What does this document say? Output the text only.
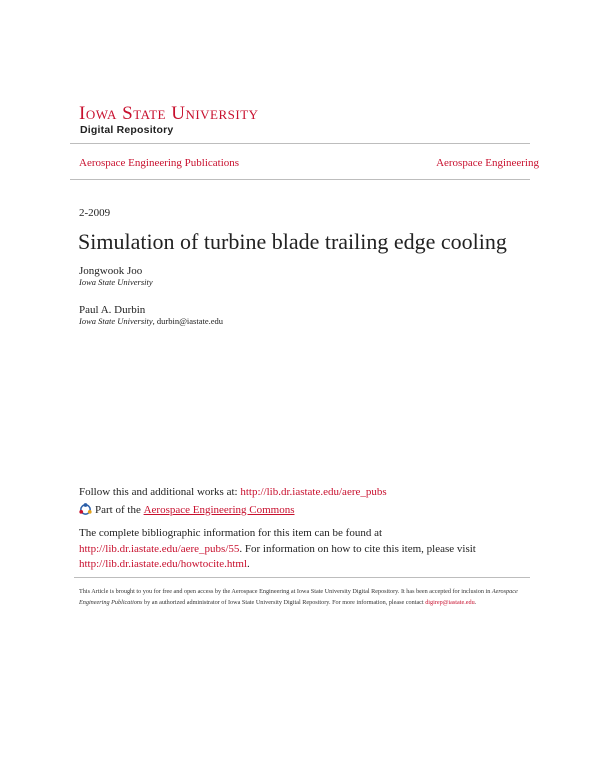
Iowa State University
Digital Repository
Aerospace Engineering Publications	Aerospace Engineering
2-2009
Simulation of turbine blade trailing edge cooling
Jongwook Joo
Iowa State University
Paul A. Durbin
Iowa State University, durbin@iastate.edu
Follow this and additional works at: http://lib.dr.iastate.edu/aere_pubs
Part of the
Aerospace Engineering Commons
The complete bibliographic information for this item can be found at http://lib.dr.iastate.edu/aere_pubs/55. For information on how to cite this item, please visit http://lib.dr.iastate.edu/howtocite.html.
This Article is brought to you for free and open access by the Aerospace Engineering at Iowa State University Digital Repository. It has been accepted for inclusion in Aerospace Engineering Publications by an authorized administrator of Iowa State University Digital Repository. For more information, please contact digirep@iastate.edu.
